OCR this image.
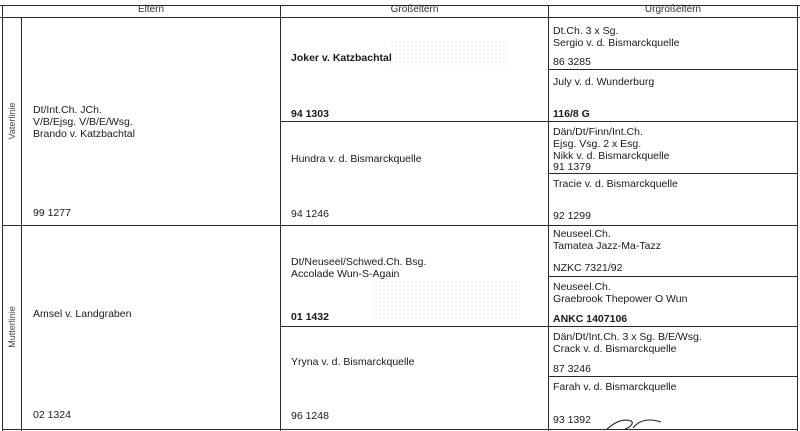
Eltern	Großeltern	Urgroßeltern
Vaterlinie
Mutterlinie
Dt/Int.Ch. JCh.
V/B/Ejsg. V/B/E/Wsg.
Brando v. Katzbachtal
99 1277
Amsel v. Landgraben
02 1324
Joker v. Katzbachtal
94 1303
Hundra v. d. Bismarckquelle
94 1246
Dt/Neuseel/Schwed.Ch. Bsg.
Accolade Wun-S-Again
01 1432
Yryna v. d. Bismarckquelle
96 1248
Dt.Ch. 3 x Sg.
Sergio v. d. Bismarckquelle
86 3285
July v. d. Wunderburg
116/8 G
Dän/Dt/Finn/Int.Ch.
Ejsg. Vsg. 2 x Esg.
Nikk v. d. Bismarckquelle
91 1379
Tracie v. d. Bismarckquelle
92 1299
Neuseel.Ch.
Tamatea Jazz-Ma-Tazz
NZKC 7321/92
Neuseel.Ch.
Graebrook Thepower O Wun
ANKC 1407106
Dän/Dt/Int.Ch. 3 x Sg. B/E/Wsg.
Crack v. d. Bismarckquelle
87 3246
Farah v. d. Bismarckquelle
93 1392
